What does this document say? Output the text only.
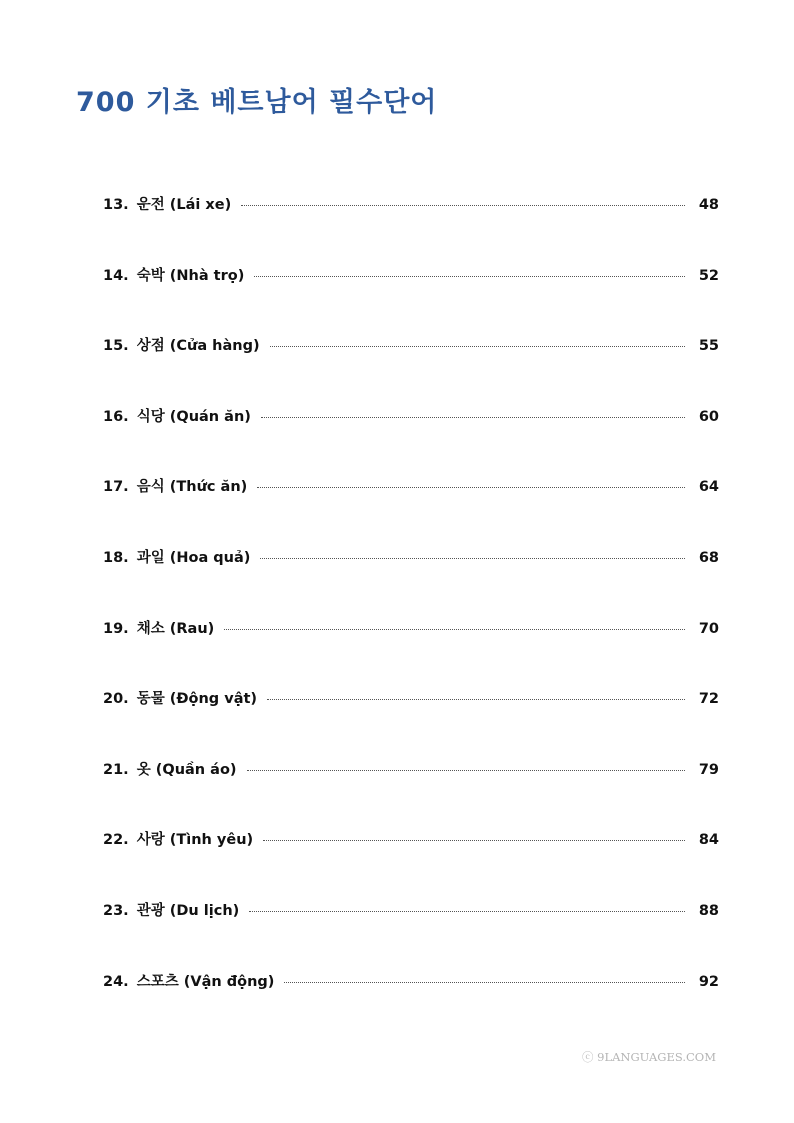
700 기초 베트남어 필수단어
13. 운전 (Lái xe)	48
14. 숙박 (Nhà trọ)	52
15. 상점 (Cửa hàng)	55
16. 식당 (Quán ăn)	60
17. 음식 (Thức ăn)	64
18. 과일 (Hoa quả)	68
19. 채소 (Rau)	70
20. 동물 (Động vật)	72
21. 옷 (Quần áo)	79
22. 사랑 (Tình yêu)	84
23. 관광 (Du lịch)	88
24. 스포츠 (Vận động)	92
ⓒ 9LANGUAGES.COM
